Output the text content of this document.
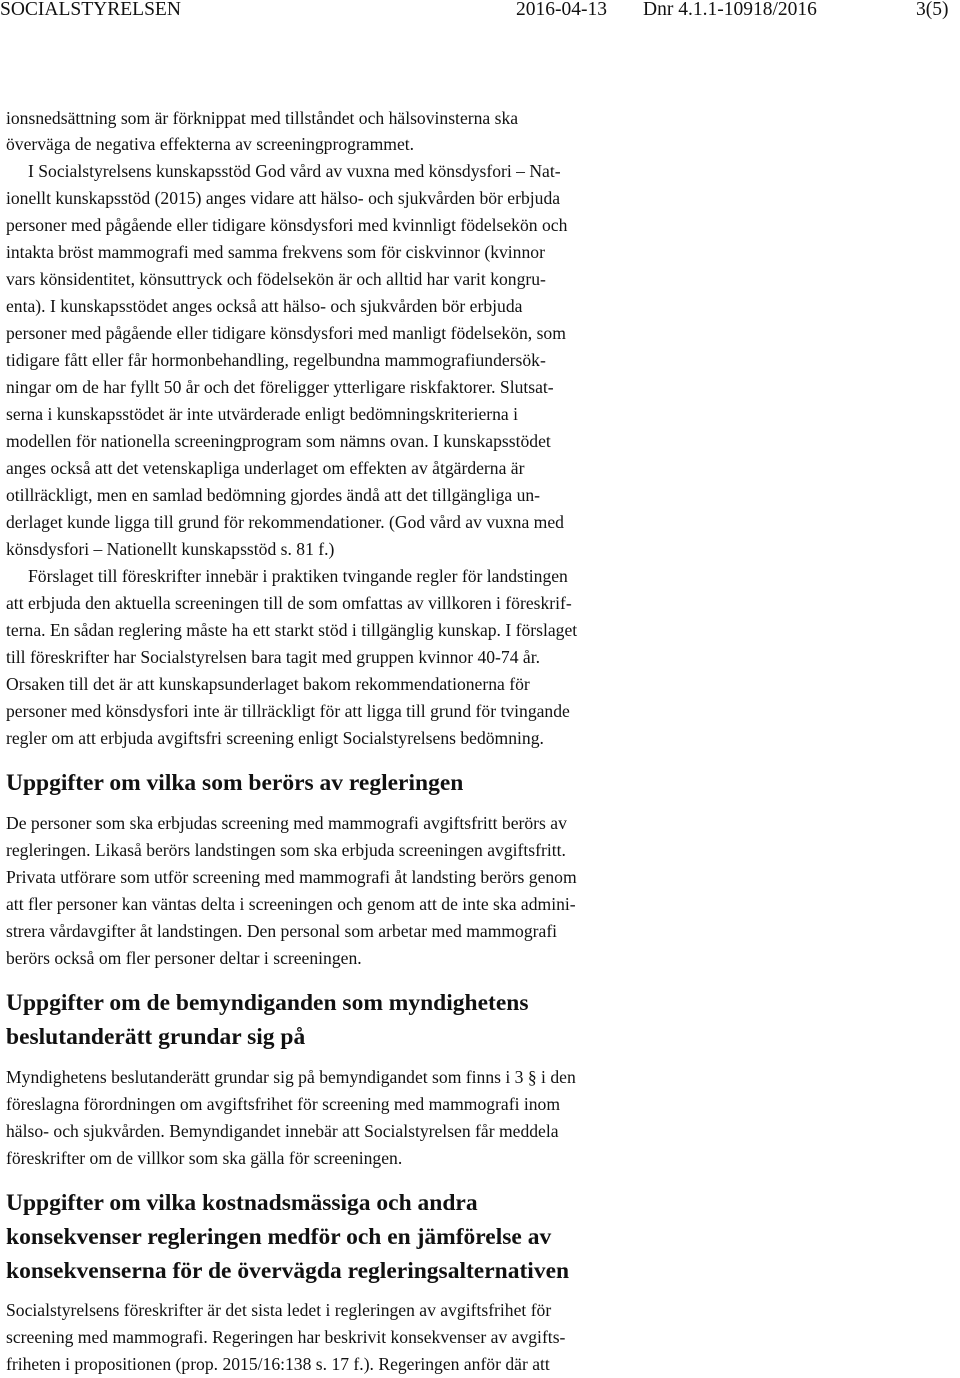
SOCIALSTYRELSEN	2016-04-13 Dnr 4.1.1-10918/2016	3(5)
ionsnedsättning som är förknippat med tillståndet och hälsovinsterna ska
överväga de negativa effekterna av screeningprogrammet.
I Socialstyrelsens kunskapsstöd God vård av vuxna med könsdysfori – Nat-
ionellt kunskapsstöd (2015) anges vidare att hälso- och sjukvården bör erbjuda
personer med pågående eller tidigare könsdysfori med kvinnligt födelsekön och
intakta bröst mammografi med samma frekvens som för ciskvinnor (kvinnor
vars könsidentitet, könsuttryck och födelsekön är och alltid har varit kongru-
enta). I kunskapsstödet anges också att hälso- och sjukvården bör erbjuda
personer med pågående eller tidigare könsdysfori med manligt födelsekön, som
tidigare fått eller får hormonbehandling, regelbundna mammografiundersök-
ningar om de har fyllt 50 år och det föreligger ytterligare riskfaktorer. Slutsat-
serna i kunskapsstödet är inte utvärderade enligt bedömningskriterierna i
modellen för nationella screeningprogram som nämns ovan. I kunskapsstödet
anges också att det vetenskapliga underlaget om effekten av åtgärderna är
otillräckligt, men en samlad bedömning gjordes ändå att det tillgängliga un-
derlaget kunde ligga till grund för rekommendationer. (God vård av vuxna med
könsdysfori – Nationellt kunskapsstöd s. 81 f.)
Förslaget till föreskrifter innebär i praktiken tvingande regler för landstingen
att erbjuda den aktuella screeningen till de som omfattas av villkoren i föreskrif-
terna. En sådan reglering måste ha ett starkt stöd i tillgänglig kunskap. I förslaget
till föreskrifter har Socialstyrelsen bara tagit med gruppen kvinnor 40-74 år.
Orsaken till det är att kunskapsunderlaget bakom rekommendationerna för
personer med könsdysfori inte är tillräckligt för att ligga till grund för tvingande
regler om att erbjuda avgiftsfri screening enligt Socialstyrelsens bedömning.
Uppgifter om vilka som berörs av regleringen
De personer som ska erbjudas screening med mammografi avgiftsfritt berörs av
regleringen. Likaså berörs landstingen som ska erbjuda screeningen avgiftsfritt.
Privata utförare som utför screening med mammografi åt landsting berörs genom
att fler personer kan väntas delta i screeningen och genom att de inte ska admini-
strera vårdavgifter åt landstingen. Den personal som arbetar med mammografi
berörs också om fler personer deltar i screeningen.
Uppgifter om de bemyndiganden som myndighetens
beslutanderätt grundar sig på
Myndighetens beslutanderätt grundar sig på bemyndigandet som finns i 3 § i den
föreslagna förordningen om avgiftsfrihet för screening med mammografi inom
hälso- och sjukvården. Bemyndigandet innebär att Socialstyrelsen får meddela
föreskrifter om de villkor som ska gälla för screeningen.
Uppgifter om vilka kostnadsmässiga och andra
konsekvenser regleringen medför och en jämförelse av
konsekvenserna för de övervägda regleringsalternativen
Socialstyrelsens föreskrifter är det sista ledet i regleringen av avgiftsfrihet för
screening med mammografi. Regeringen har beskrivit konsekvenser av avgifts-
friheten i propositionen (prop. 2015/16:138 s. 17 f.). Regeringen anför där att
